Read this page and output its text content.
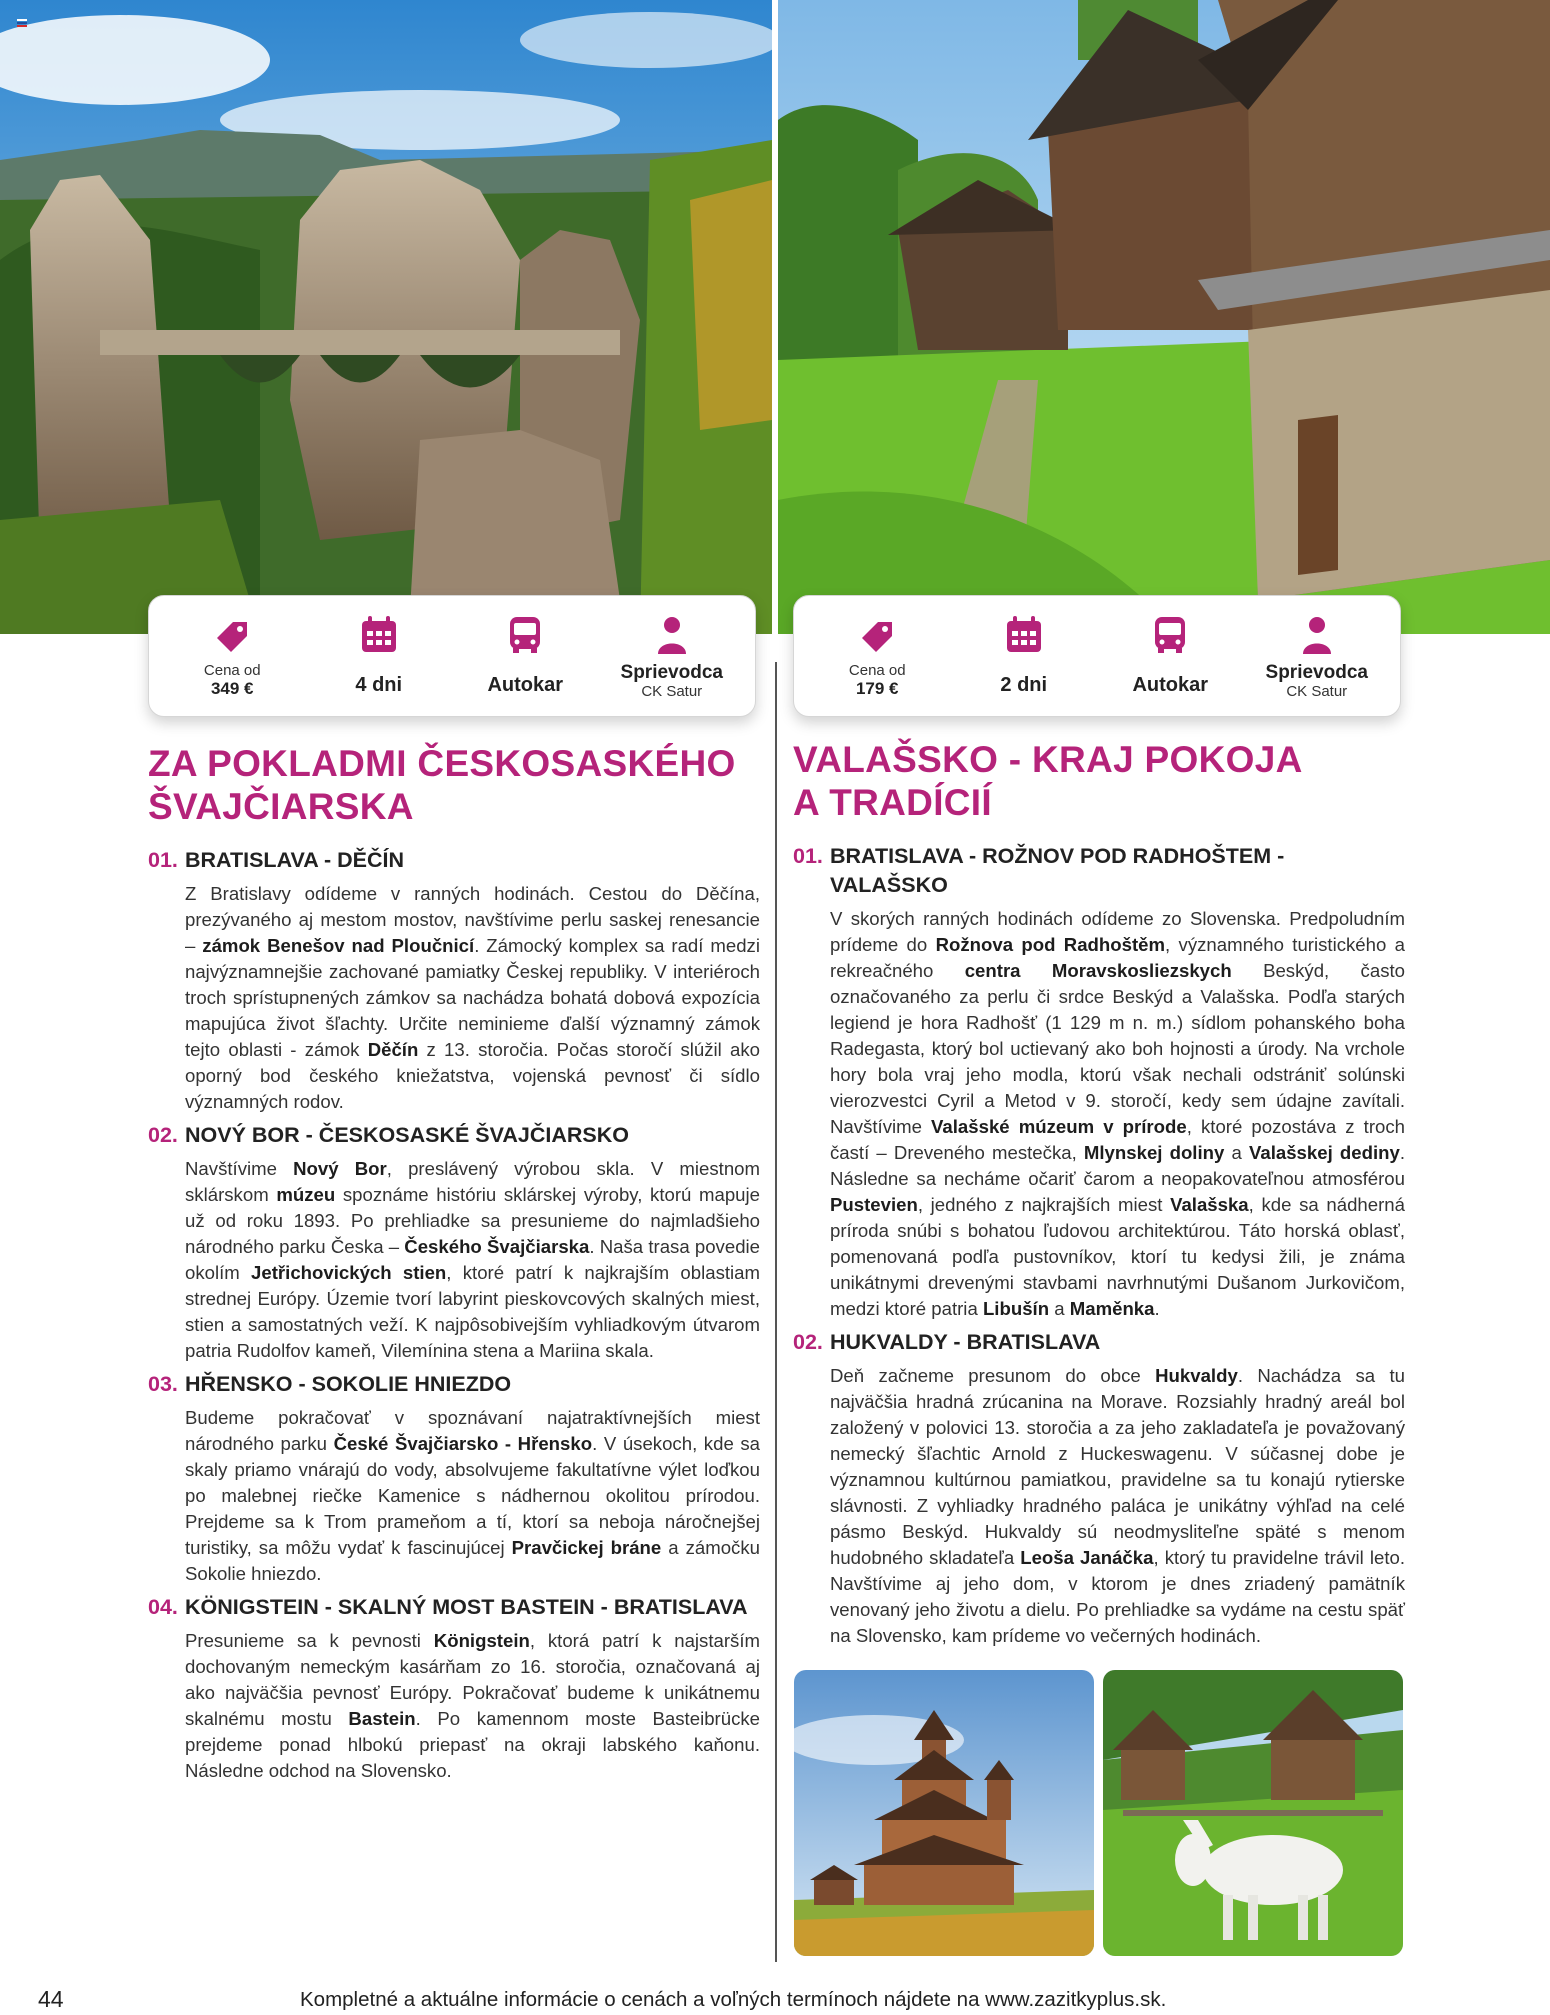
Cena od
349 €	4 dni	Autokar
Sprievodca
CK Satur
Cena od
179 €	2 dni	Autokar
Sprievodca
CK Satur
ZA POKLADMI ČESKOSASKÉHO
ŠVAJČIARSKA
01. BRATISLAVA - DĚČÍN

Z Bratislavy odídeme v ranných hodinách. Cestou do Děčína, prezývaného aj mestom mostov, navštívime perlu saskej renesancie – zámok Benešov nad Ploučnicí. Zámocký komplex sa radí medzi najvýznamnejšie zachované pamiatky Českej republiky. V interiéroch troch sprístupnených zámkov sa nachádza bohatá dobová expozícia mapujúca život šľachty. Určite neminieme ďalší významný zámok tejto oblasti - zámok Děčín z 13. storočia. Počas storočí slúžil ako oporný bod českého kniežatstva, vojenská pevnosť či sídlo významných rodov.

02. NOVÝ BOR - ČESKOSASKÉ ŠVAJČIARSKO

Navštívime Nový Bor, preslávený výrobou skla. V miestnom sklárskom múzeu spoznáme históriu sklárskej výroby, ktorú mapuje už od roku 1893. Po prehliadke sa presunieme do najmladšieho národného parku Česka – Českého Švajčiarska. Naša trasa povedie okolím Jetřichovických stien, ktoré patrí k najkrajším oblastiam strednej Európy. Územie tvorí labyrint pieskovcových skalných miest, stien a samostatných veží. K najpôsobivejším vyhliadkovým útvarom patria Rudolfov kameň, Vilemínina stena a Mariina skala.

03. HŘENSKO - SOKOLIE HNIEZDO

Budeme pokračovať v spoznávaní najatraktívnejších miest národného parku České Švajčiarsko - Hřensko. V úsekoch, kde sa skaly priamo vnárajú do vody, absolvujeme fakultatívne výlet loďkou po malebnej riečke Kamenice s nádhernou okolitou prírodou. Prejdeme sa k Trom prameňom a tí, ktorí sa neboja náročnejšej turistiky, sa môžu vydať k fascinujúcej Pravčickej bráne a zámočku Sokolie hniezdo.

04. KÖNIGSTEIN - SKALNÝ MOST BASTEIN - BRATISLAVA

Presunieme sa k pevnosti Königstein, ktorá patrí k najstarším dochovaným nemeckým kasárňam zo 16. storočia, označovaná aj ako najväčšia pevnosť Európy. Pokračovať budeme k unikátnemu skalnému mostu Bastein. Po kamennom moste Basteibrücke prejdeme ponad hlbokú priepasť na okraji labského kaňonu. Následne odchod na Slovensko.

VALAŠSKO - KRAJ POKOJA
A TRADÍCIÍ
01. BRATISLAVA - ROŽNOV POD RADHOŠTEM - VALAŠSKO

V skorých ranných hodinách odídeme zo Slovenska. Predpoludním prídeme do Rožnova pod Radhoštěm, významného turistického a rekreačného centra Moravskosliezskych Beskýd, často označovaného za perlu či srdce Beskýd a Valašska. Podľa starých legiend je hora Radhošť (1 129 m n. m.) sídlom pohanského boha Radegasta, ktorý bol uctievaný ako boh hojnosti a úrody. Na vrchole hory bola vraj jeho modla, ktorú však nechali odstrániť solúnski vierozvestci Cyril a Metod v 9. storočí, kedy sem údajne zavítali. Navštívime Valašské múzeum v prírode, ktoré pozostáva z troch častí – Dreveného mestečka, Mlynskej doliny a Valašskej dediny. Následne sa necháme očariť čarom a neopakovateľnou atmosférou Pustevien, jedného z najkrajších miest Valašska, kde sa nádherná príroda snúbi s bohatou ľudovou architektúrou. Táto horská oblasť, pomenovaná podľa pustovníkov, ktorí tu kedysi žili, je známa unikátnymi drevenými stavbami navrhnutými Dušanom Jurkovičom, medzi ktoré patria Libušín a Maměnka.

02. HUKVALDY - BRATISLAVA

Deň začneme presunom do obce Hukvaldy. Nachádza sa tu najväčšia hradná zrúcanina na Morave. Rozsiahly hradný areál bol založený v polovici 13. storočia a za jeho zakladateľa je považovaný nemecký šľachtic Arnold z Huckeswagenu. V súčasnej dobe je významnou kultúrnou pamiatkou, pravidelne sa tu konajú rytierske slávnosti. Z vyhliadky hradného paláca je unikátny výhľad na celé pásmo Beskýd. Hukvaldy sú neodmysliteľne späté s menom hudobného skladateľa Leoša Janáčka, ktorý tu pravidelne trávil leto. Navštívime aj jeho dom, v ktorom je dnes zriadený pamätník venovaný jeho životu a dielu. Po prehliadke sa vydáme na cestu späť na Slovensko, kam prídeme vo večerných hodinách.

44	Kompletné a aktuálne informácie o cenách a voľných termínoch nájdete na www.zazitkyplus.sk.
